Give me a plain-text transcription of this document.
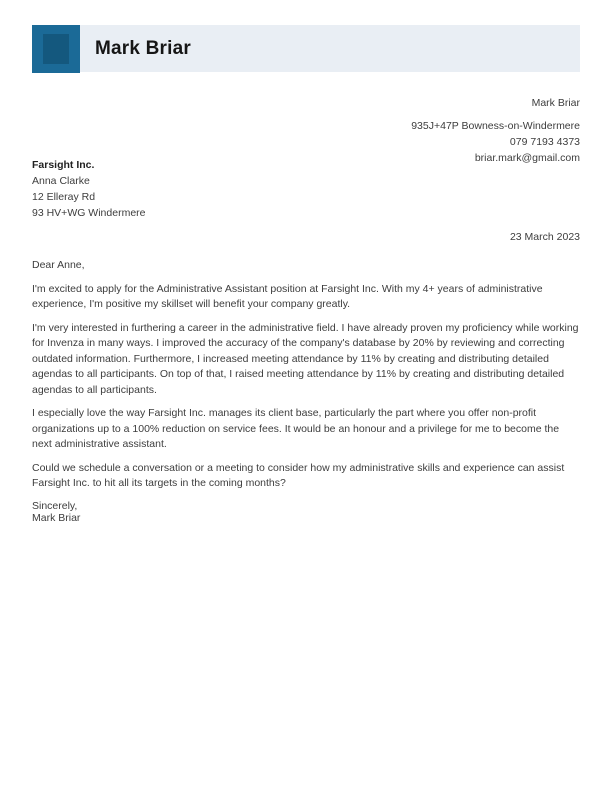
Mark Briar
Mark Briar
935J+47P Bowness-on-Windermere
079 7193 4373
briar.mark@gmail.com
Farsight Inc.
Anna Clarke
12 Elleray Rd
93 HV+WG Windermere
23 March 2023

Dear Anne,

I'm excited to apply for the Administrative Assistant position at Farsight Inc. With my 4+ years of administrative experience, I'm positive my skillset will benefit your company greatly.

I'm very interested in furthering a career in the administrative field. I have already proven my proficiency while working for Invenza in many ways. I improved the accuracy of the company's database by 20% by reviewing and correcting outdated information. Furthermore, I increased meeting attendance by 11% by creating and distributing detailed agendas to all participants. On top of that, I raised meeting attendance by 11% by creating and distributing detailed agendas to all participants.

I especially love the way Farsight Inc. manages its client base, particularly the part where you offer non-profit organizations up to a 100% reduction on service fees. It would be an honour and a privilege for me to become the next administrative assistant.

Could we schedule a conversation or a meeting to consider how my administrative skills and experience can assist Farsight Inc. to hit all its targets in the coming months?

Sincerely,
Mark Briar
